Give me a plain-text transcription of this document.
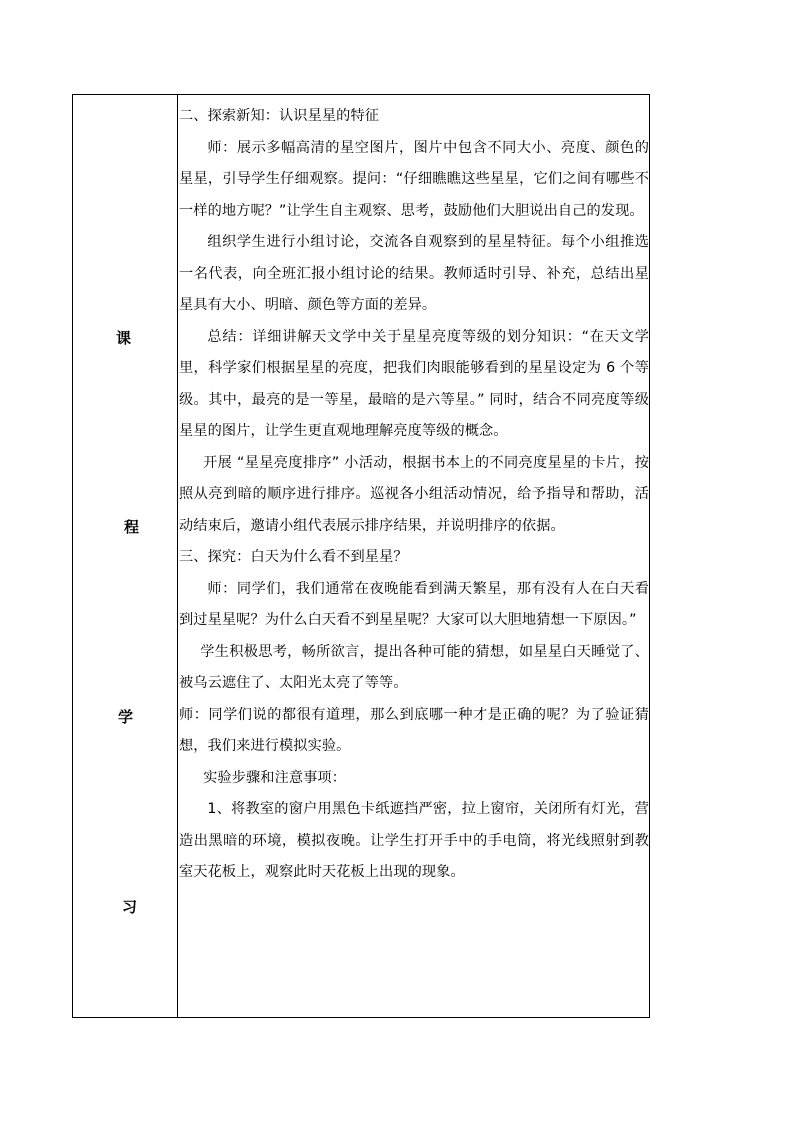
课
程
学
习

二、探索新知：认识星星的特征

师：展示多幅高清的星空图片，图片中包含不同大小、亮度、颜色的星星，引导学生仔细观察。提问：“仔细瞧瞧这些星星，它们之间有哪些不一样的地方呢？”让学生自主观察、思考，鼓励他们大胆说出自己的发现。

组织学生进行小组讨论，交流各自观察到的星星特征。每个小组推选一名代表，向全班汇报小组讨论的结果。教师适时引导、补充，总结出星星具有大小、明暗、颜色等方面的差异。

总结：详细讲解天文学中关于星星亮度等级的划分知识：“在天文学里，科学家们根据星星的亮度，把我们肉眼能够看到的星星设定为 6 个等级。其中，最亮的是一等星，最暗的是六等星。” 同时，结合不同亮度等级星星的图片，让学生更直观地理解亮度等级的概念。

开展 “星星亮度排序” 小活动，根据书本上的不同亮度星星的卡片，按照从亮到暗的顺序进行排序。巡视各小组活动情况，给予指导和帮助，活动结束后，邀请小组代表展示排序结果，并说明排序的依据。

三、探究：白天为什么看不到星星？

师：同学们，我们通常在夜晚能看到满天繁星，那有没有人在白天看到过星星呢？为什么白天看不到星星呢？大家可以大胆地猜想一下原因。”

学生积极思考，畅所欲言，提出各种可能的猜想，如星星白天睡觉了、被乌云遮住了、太阳光太亮了等等。

师：同学们说的都很有道理，那么到底哪一种才是正确的呢？为了验证猜想，我们来进行模拟实验。

实验步骤和注意事项：

1、将教室的窗户用黑色卡纸遮挡严密，拉上窗帘，关闭所有灯光，营造出黑暗的环境，模拟夜晚。让学生打开手中的手电筒，将光线照射到教室天花板上，观察此时天花板上出现的现象。
